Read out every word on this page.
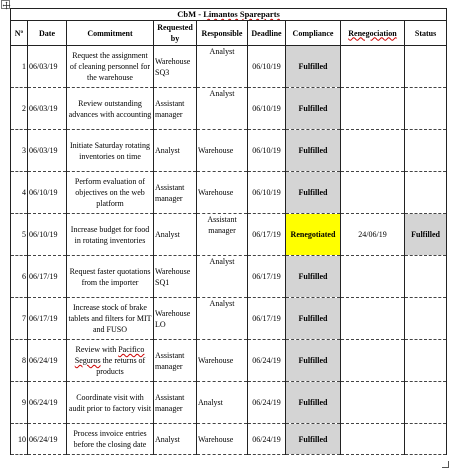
CbM - Limantos Spareparts								
Nº	Date	Commitment	Requested by	Responsible	Deadline	Compliance	Renegociation	Status
1	06/03/19	Request the assignment of cleaning personnel for the warehouse	Warehouse SQ3	Analyst	06/10/19	Fulfilled		
2	06/03/19	Review outstanding advances with accounting	Assistant manager	Analyst	06/10/19	Fulfilled		
3	06/03/19	Initiate Saturday rotating inventories on time	Analyst	Warehouse	06/10/19	Fulfilled		
4	06/10/19	Perform evaluation of objectives on the web platform	Assistant manager	Warehouse	06/10/19	Fulfilled		
5	06/10/19	Increase budget for food in rotating inventories	Analyst	Assistant manager	06/17/19	Renegotiated	24/06/19	Fulfilled
6	06/17/19	Request faster quotations from the importer	Warehouse SQ1	Analyst	06/17/19	Fulfilled		
7	06/17/19	Increase stock of brake tablets and filters for MIT and FUSO	Warehouse LO	Analyst	06/17/19	Fulfilled		
8	06/24/19	Review with Pacifico Seguros the returns of products	Assistant manager	Warehouse	06/24/19	Fulfilled		
9	06/24/19	Coordinate visit with audit prior to factory visit	Assistant manager	Analyst	06/24/19	Fulfilled		
10	06/24/19	Process invoice entries before the closing date	Analyst	Warehouse	06/24/19	Fulfilled		
